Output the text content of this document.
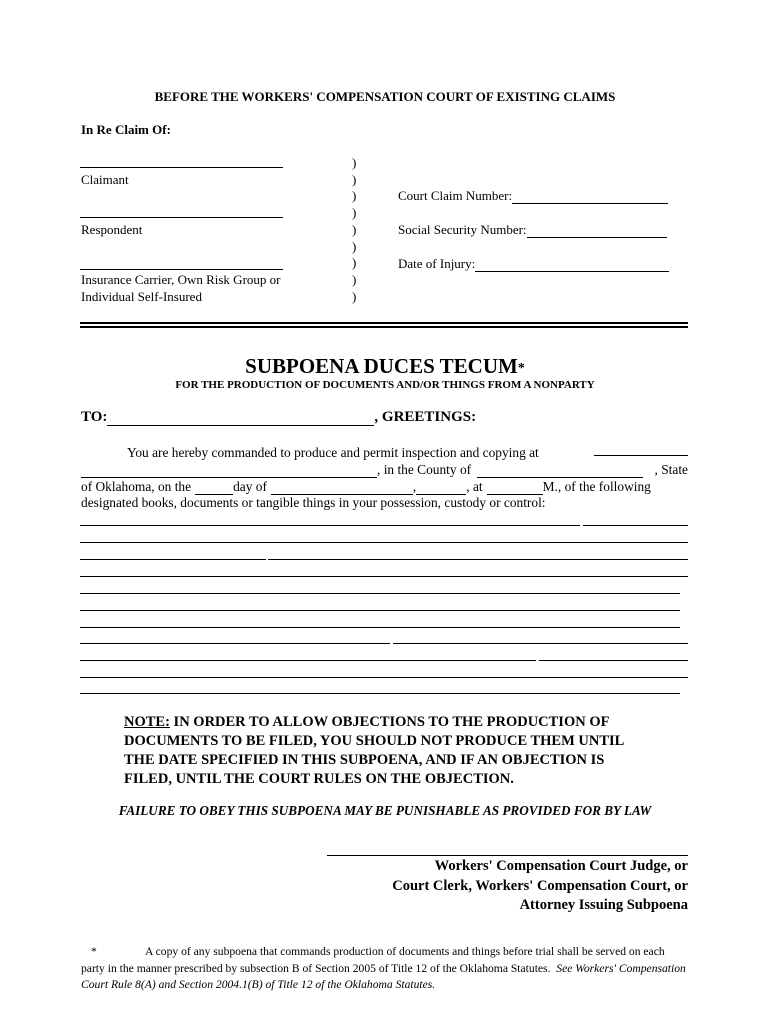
BEFORE THE WORKERS' COMPENSATION COURT OF EXISTING CLAIMS
In Re Claim Of:
Claimant
Respondent
Insurance Carrier, Own Risk Group or
Individual Self-Insured
)
)
)
)
)
)
)
)
)
Court Claim Number:
Social Security Number:
Date of Injury:
SUBPOENA DUCES TECUM*
FOR THE PRODUCTION OF DOCUMENTS AND/OR THINGS FROM A NONPARTY
TO:	, GREETINGS:
You are hereby commanded to produce and permit inspection and copying at
, in the County of	, State
of Oklahoma, on the	day of	,	, at	M., of the following
designated books, documents or tangible things in your possession, custody or control:
NOTE: IN ORDER TO ALLOW OBJECTIONS TO THE PRODUCTION OF DOCUMENTS TO BE FILED, YOU SHOULD NOT PRODUCE THEM UNTIL THE DATE SPECIFIED IN THIS SUBPOENA, AND IF AN OBJECTION IS FILED, UNTIL THE COURT RULES ON THE OBJECTION.
FAILURE TO OBEY THIS SUBPOENA MAY BE PUNISHABLE AS PROVIDED FOR BY LAW
Workers' Compensation Court Judge, or
Court Clerk, Workers' Compensation Court, or
Attorney Issuing Subpoena
*	A copy of any subpoena that commands production of documents and things before trial shall be served on each party in the manner prescribed by subsection B of Section 2005 of Title 12 of the Oklahoma Statutes. See Workers' Compensation Court Rule 8(A) and Section 2004.1(B) of Title 12 of the Oklahoma Statutes.
